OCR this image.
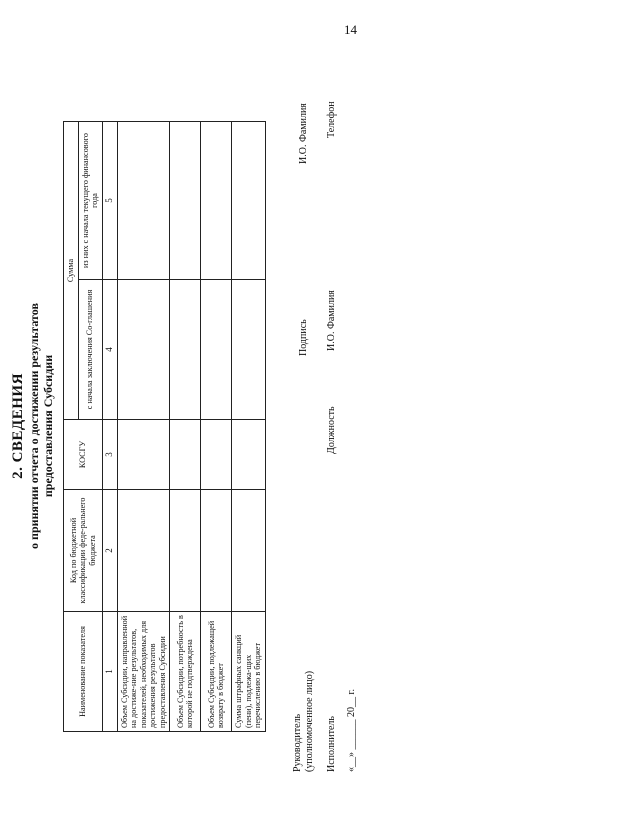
14
2. СВЕДЕНИЯ о принятии отчета о достижении результатов предоставления Субсидии
Наименование показателя	Код по бюджетной классификации феде-ральнего бюджета	КОСГУ	Сумма	
			с начала заключения Со-глашения	из них с начала текущего финансового года
1	2	3	4	5
Объем Субсидии, направленной на достиже-ние результатов, показателей, необходимых для достижения результатов предоставления Субсидии				
Объем Субсидии, потребность в которой не подтверждена				
Объем Субсидии, подлежащей возврату в бюджет				
Сумма штрафных санкций (пени), подлежа-щих перечислению в бюджет				
Руководитель (уполномоченное лицо)
Подпись
И.О. Фамилия
Исполнитель
Должность
И.О. Фамилия
Телефон
«__» ______ 20__ г.
